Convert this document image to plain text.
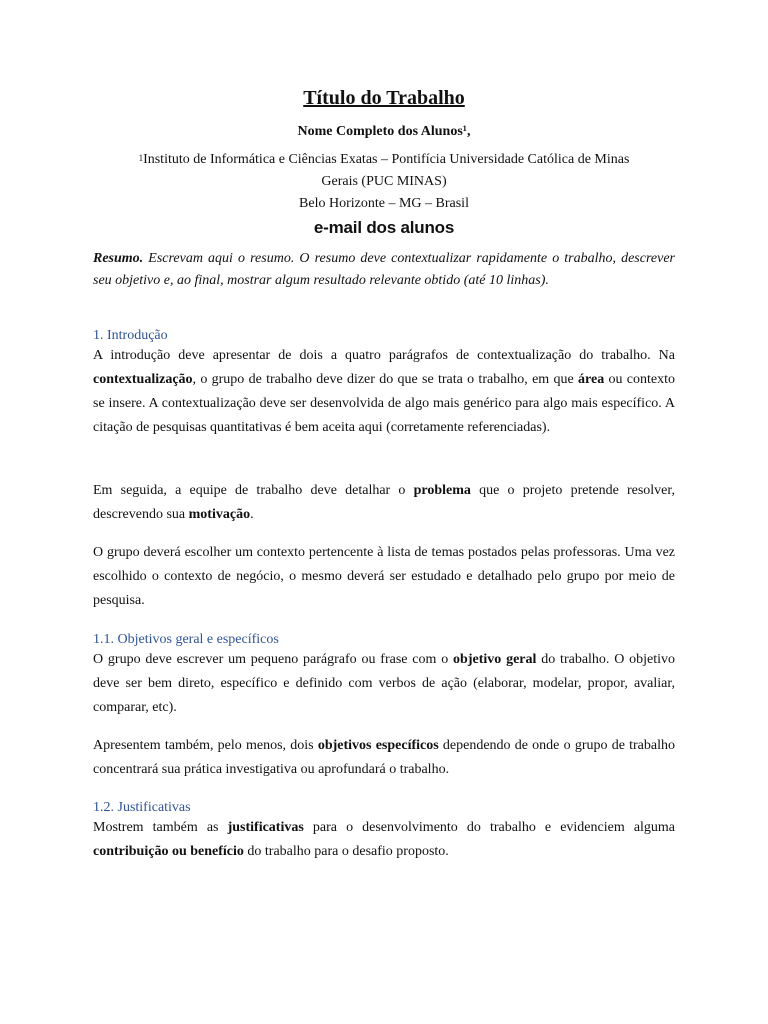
Título do Trabalho
Nome Completo dos Alunos¹,
$^1$Instituto de Informática e Ciências Exatas – Pontifícia Universidade Católica de Minas
Gerais (PUC MINAS)
Belo Horizonte – MG – Brasil
e-mail dos alunos
Resumo. Escrevam aqui o resumo. O resumo deve contextualizar rapidamente o trabalho, descrever seu objetivo e, ao final, mostrar algum resultado relevante obtido (até 10 linhas).
1. Introdução
A introdução deve apresentar de dois a quatro parágrafos de contextualização do trabalho. Na contextualização, o grupo de trabalho deve dizer do que se trata o trabalho, em que área ou contexto se insere. A contextualização deve ser desenvolvida de algo mais genérico para algo mais específico. A citação de pesquisas quantitativas é bem aceita aqui (corretamente referenciadas).
Em seguida, a equipe de trabalho deve detalhar o problema que o projeto pretende resolver, descrevendo sua motivação.
O grupo deverá escolher um contexto pertencente à lista de temas postados pelas professoras. Uma vez escolhido o contexto de negócio, o mesmo deverá ser estudado e detalhado pelo grupo por meio de pesquisa.
1.1. Objetivos geral e específicos
O grupo deve escrever um pequeno parágrafo ou frase com o objetivo geral do trabalho. O objetivo deve ser bem direto, específico e definido com verbos de ação (elaborar, modelar, propor, avaliar, comparar, etc).
Apresentem também, pelo menos, dois objetivos específicos dependendo de onde o grupo de trabalho concentrará sua prática investigativa ou aprofundará o trabalho.
1.2. Justificativas
Mostrem também as justificativas para o desenvolvimento do trabalho e evidenciem alguma contribuição ou benefício do trabalho para o desafio proposto.
